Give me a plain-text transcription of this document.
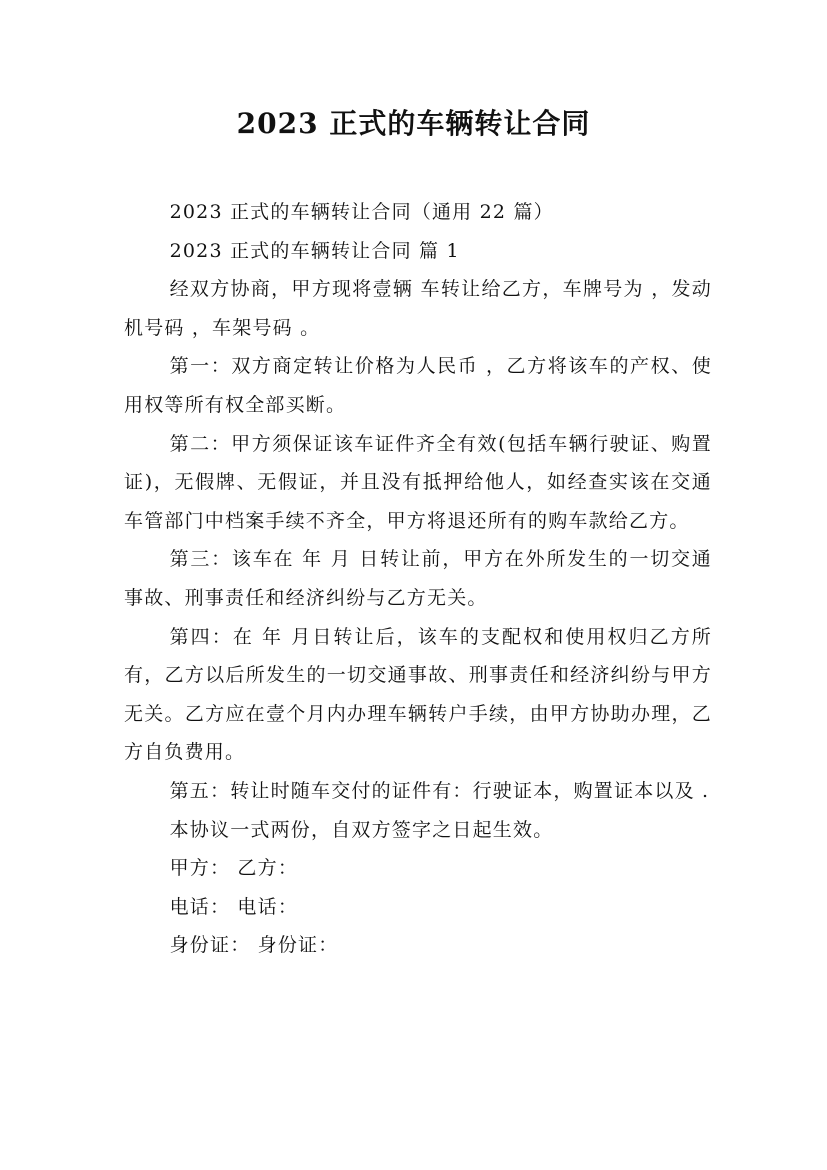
2023 正式的车辆转让合同

2023 正式的车辆转让合同（通用 22 篇）

2023 正式的车辆转让合同 篇 1

经双方协商，甲方现将壹辆 车转让给乙方，车牌号为 ，发动机号码 ，车架号码 。

第一：双方商定转让价格为人民币 ，乙方将该车的产权、使用权等所有权全部买断。

第二：甲方须保证该车证件齐全有效(包括车辆行驶证、购置证)，无假牌、无假证，并且没有抵押给他人，如经查实该在交通车管部门中档案手续不齐全，甲方将退还所有的购车款给乙方。

第三：该车在 年 月 日转让前，甲方在外所发生的一切交通事故、刑事责任和经济纠纷与乙方无关。

第四：在 年 月日转让后，该车的支配权和使用权归乙方所有，乙方以后所发生的一切交通事故、刑事责任和经济纠纷与甲方无关。乙方应在壹个月内办理车辆转户手续，由甲方协助办理，乙方自负费用。

第五：转让时随车交付的证件有：行驶证本，购置证本以及 .

本协议一式两份，自双方签字之日起生效。

甲方： 乙方：

电话： 电话：

身份证： 身份证：
